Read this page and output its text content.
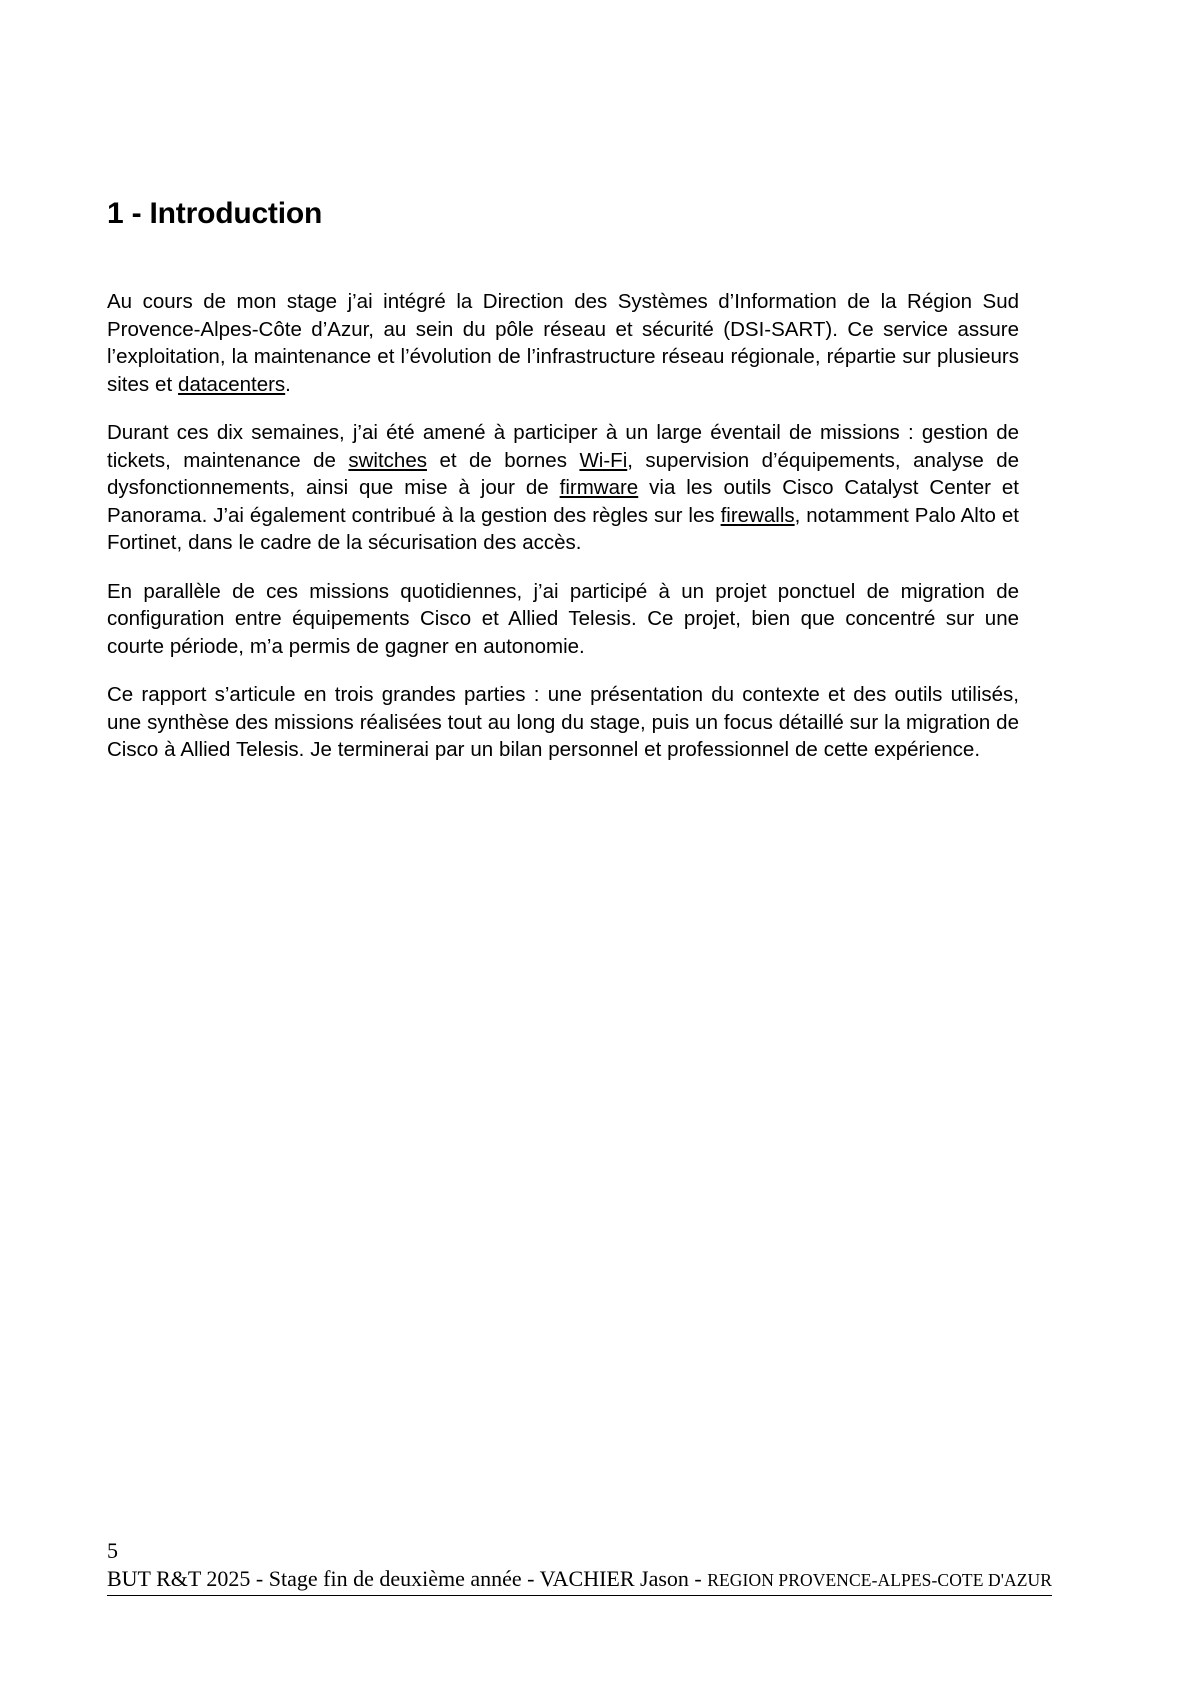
1 - Introduction

Au cours de mon stage j’ai intégré la Direction des Systèmes d’Information de la Région Sud Provence-Alpes-Côte d’Azur, au sein du pôle réseau et sécurité (DSI-SART). Ce service assure l’exploitation, la maintenance et l’évolution de l’infrastructure réseau régionale, répartie sur plusieurs sites et datacenters.

Durant ces dix semaines, j’ai été amené à participer à un large éventail de missions : gestion de tickets, maintenance de switches et de bornes Wi-Fi, supervision d’équipements, analyse de dysfonctionnements, ainsi que mise à jour de firmware via les outils Cisco Catalyst Center et Panorama. J’ai également contribué à la gestion des règles sur les firewalls, notamment Palo Alto et Fortinet, dans le cadre de la sécurisation des accès.

En parallèle de ces missions quotidiennes, j’ai participé à un projet ponctuel de migration de configuration entre équipements Cisco et Allied Telesis. Ce projet, bien que concentré sur une courte période, m’a permis de gagner en autonomie.

Ce rapport s’articule en trois grandes parties : une présentation du contexte et des outils utilisés, une synthèse des missions réalisées tout au long du stage, puis un focus détaillé sur la migration de Cisco à Allied Telesis. Je terminerai par un bilan personnel et professionnel de cette expérience.

5
BUT R&T 2025 - Stage fin de deuxième année - VACHIER Jason - REGION PROVENCE-ALPES-COTE D'AZUR
